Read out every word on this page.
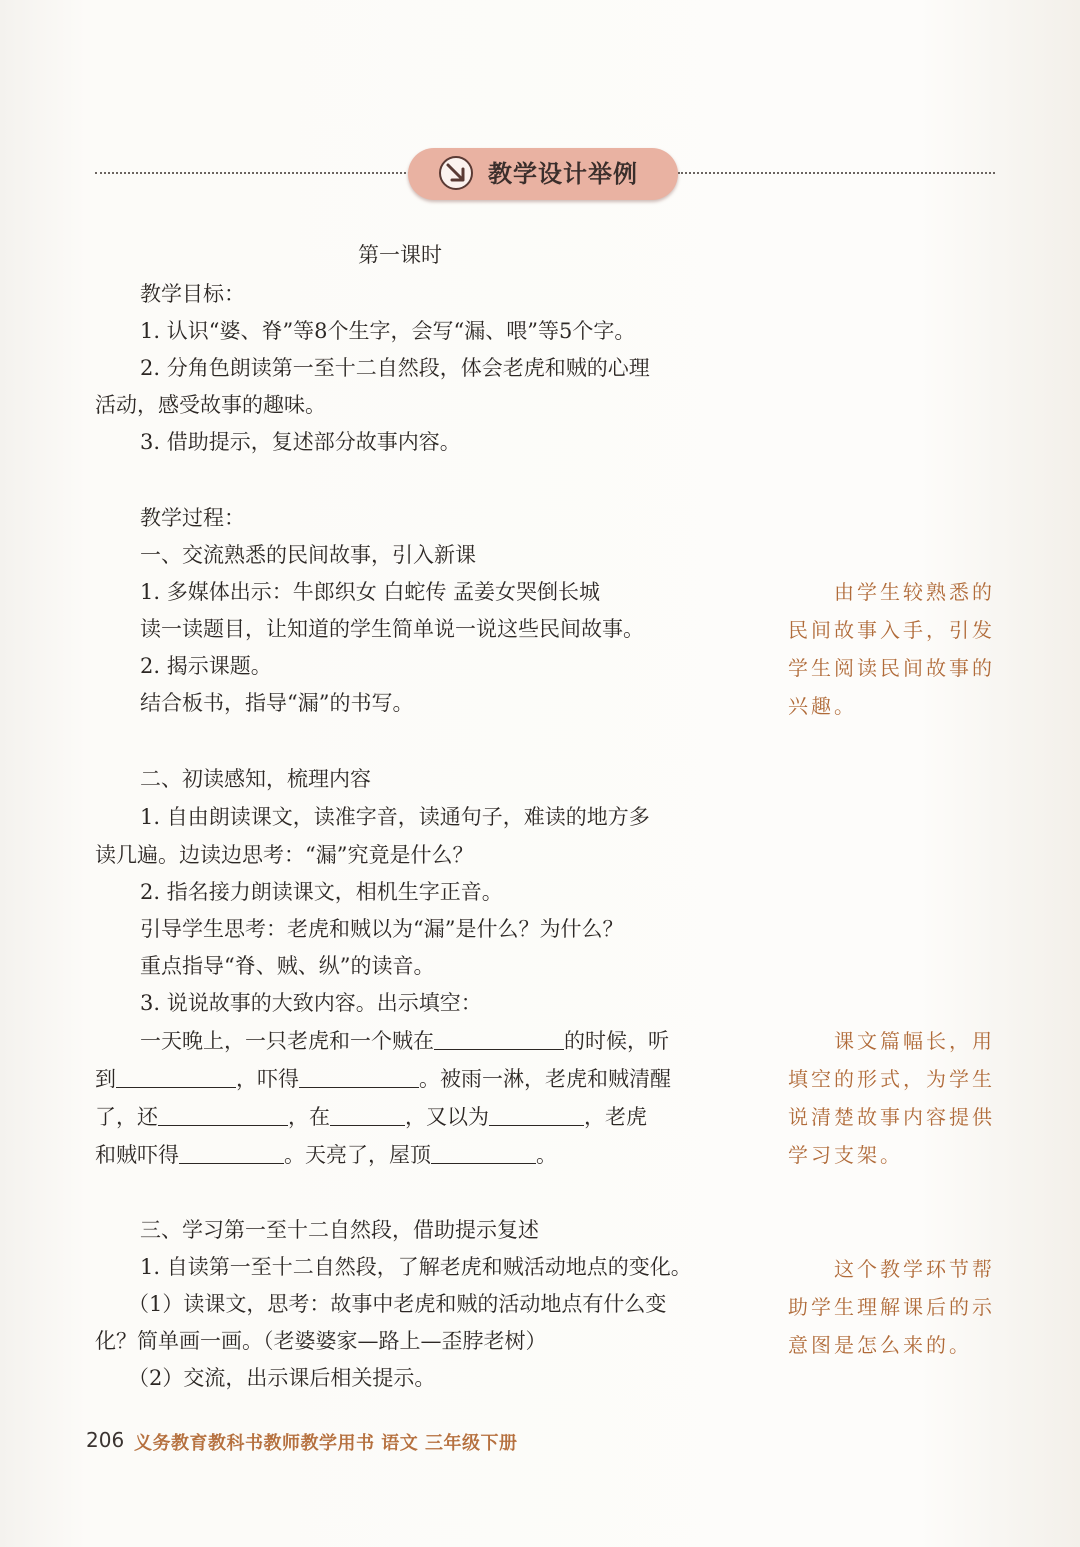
教学设计举例
第一课时
教学目标：
1. 认识“婆、脊”等8个生字，会写“漏、喂”等5个字。
2. 分角色朗读第一至十二自然段，体会老虎和贼的心理
活动，感受故事的趣味。
3. 借助提示，复述部分故事内容。
教学过程：
一、交流熟悉的民间故事，引入新课
1. 多媒体出示：牛郎织女 白蛇传 孟姜女哭倒长城
读一读题目，让知道的学生简单说一说这些民间故事。
2. 揭示课题。
结合板书，指导“漏”的书写。
二、初读感知，梳理内容
1. 自由朗读课文，读准字音，读通句子，难读的地方多
读几遍。边读边思考：“漏”究竟是什么？
2. 指名接力朗读课文，相机生字正音。
引导学生思考：老虎和贼以为“漏”是什么？为什么？
重点指导“脊、贼、纵”的读音。
3. 说说故事的大致内容。出示填空：
一天晚上，一只老虎和一个贼在	的时候，听
到	，吓得	。被雨一淋，老虎和贼清醒
了，还	，在	，又以为	，老虎
和贼吓得	。天亮了，屋顶	。
三、学习第一至十二自然段，借助提示复述
1. 自读第一至十二自然段，了解老虎和贼活动地点的变化。
（1）读课文，思考：故事中老虎和贼的活动地点有什么变
化？简单画一画。（老婆婆家—路上—歪脖老树）
（2）交流，出示课后相关提示。
由学生较熟悉的
民间故事入手，引发
学生阅读民间故事的
兴趣。
课文篇幅长，用
填空的形式，为学生
说清楚故事内容提供
学习支架。
这个教学环节帮
助学生理解课后的示
意图是怎么来的。
206 义务教育教科书教师教学用书 语文 三年级下册
